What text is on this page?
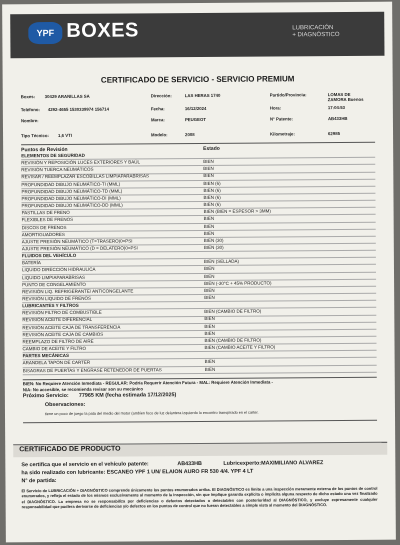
YPF BOXES	LUBRICACIÓN
+ DIAGNÓSTICO
CERTIFICADO DE SERVICIO - SERVICIO PREMIUM
Boxes: 30429 ARANILLAS SA	Dirección:	LAS HERAS 1740	Partido/Provincia:	LOMAS DE
ZAMORA Buenos
Teléfono: 4292-4655 1530339974 156714	Fecha:	16/12/2024	Hora:	17:04:53
Nombre:	Marca:	PEUGEOT	N° Patente:	AB433HB
Tipo Técnico: 1,6 VTI	Modelo:	2008	Kilometraje:	62985
Puntos de Revisión	Estado
ELEMENTOS DE SEGURIDAD
REVISIÓN Y REPOSICIÓN LUCES EXTERIORES Y BAÚL	BIEN
REVISIÓN TUERCA NEUMÁTICOS	BIEN
REVISAR / REEMPLAZAR ESCOBILLAS LIMPIAPARABRISAS	BIEN
PROFUNDIDAD DIBUJO NEUMÁTICO-TI (MML)	BIEN (6)
PROFUNDIDAD DIBUJO NEUMÁTICO-TD (MML)	BIEN (6)
PROFUNDIDAD DIBUJO NEUMÁTICO-DI (MML)	BIEN (6)
PROFUNDIDAD DIBUJO NEUMÁTICO-DD (MML)	BIEN (6)
PASTILLAS DE FRENO	BIEN (BIEN = ESPESOR > 3MM)
FLEXIBLES DE FRENOS	BIEN
DISCOS DE FRENOS	BIEN
AMORTIGUADORES	BIEN
AJUSTE PRESIÓN NEUMÁTICO (T=TRASERO)0=PSI	BIEN (30)
AJUSTE PRESIÓN NEUMÁTICO (D = DELATERO)0=PSI	BIEN (30)
FLUIDOS DEL VEHÍCULO
BATERÍA	BIEN (SELLADA)
LIQUIDO DIRECCIÓN HIDRAULICA	BIEN
LIQUIDO LIMPIAPARABRISAS	BIEN
PUNTO DE CONGELAMIENTO	BIEN (-30°C + 45% PRODUCTO)
REVISIÓN LIQ. REFRIGERANTE/ ANTICONGELANTE	BIEN
REVISIÓN LIQUIDO DE FRENOS	BIEN
LUBRICANTES Y FILTROS
REVISIÓN FILTRO DE COMBUSTIBLE	BIEN (CAMBIO DE FILTRO)
REVISIÓN ACEITE DIFERENCIAL	BIEN
REVISIÓN ACEITE CAJA DE TRANSFERENCIA	BIEN
REVISIÓN ACEITE CAJA DE CAMBIOS	BIEN
REEMPLAZO DE FILTRO DE AIRE	BIEN (CAMBIO DE FILTRO)
CAMBIO DE ACEITE Y FILTRO	BIEN (CAMBIO ACEITE Y FILTRO)
PARTES MECÁNICAS
ARANDELA TAPÓN DE CARTER	BIEN
BISAGRAS DE PUERTAS Y ENGRASE RETENEDOR DE PUERTAS	BIEN
BIEN: No Requiere Atención Inmediata - REGULAR: Podría Requerir Atención Futura - MAL: Requiere Atención Inmediata -
N/A: No accesible, se recomienda revisar son su mecánico
Próximo Servicio: 77965 KM (fecha estimada 17/12/2025)
Observaciones:
tiene un poco de juego la pata del medio del motor (ambien foco de luz delantera izquierdo lo encontro transpirado en el carter.
CERTIFICADO DE PRODUCTO
Se certifica que el servicio en el vehículo patente:	AB433HB	Lubricexperto:MAXIMILIANO ALVAREZ
ha sido realizado con lubricante: ESCANEO YPF 1 UN/ ELAION AURO FR 530 4/4. YPF 4 LT
N° de partida:
El Servicio de LUBRICACIÓN + DIAGNÓSTICO comprende únicamente los puntos enumerados arriba. El DIAGNÓSTICO es límite a una inspección meramente externa de los puntos de control enumerados, y refleja el estado de los mismos exclusivamente al momento de la inspección, sin que implique garantía explícita o implícita alguna respecto de dicho estado una vez finalizado el DIAGNÓSTICO. La empresa no se responsabiliza por deficiencias o defectos detectados o detectables con posterioridad al DIAGNÓSTICO, y excluye expresamente cualquier responsabilidad que pudiera derivarse de deficiencias y/o defectos en los puntos de control que no fueran detectables a simple vista al momento del DIAGNÓSTICO.
